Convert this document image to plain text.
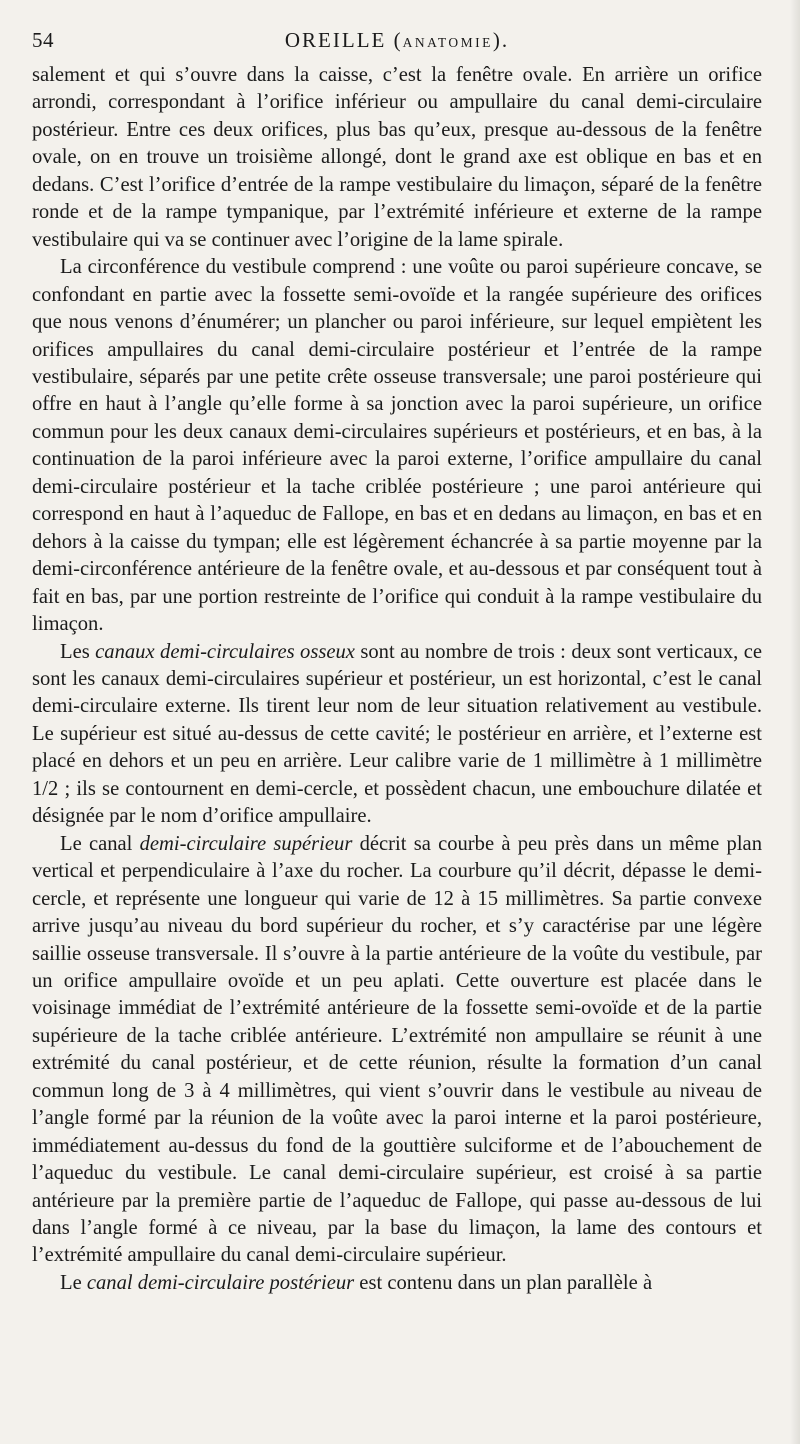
54	OREILLE (ANATOMIE).

salement et qui s’ouvre dans la caisse, c’est la fenêtre ovale. En arrière un orifice arrondi, correspondant à l’orifice inférieur ou ampullaire du canal demi-circulaire postérieur. Entre ces deux orifices, plus bas qu’eux, presque au-dessous de la fenêtre ovale, on en trouve un troisième allongé, dont le grand axe est oblique en bas et en dedans. C’est l’orifice d’entrée de la rampe vestibulaire du limaçon, séparé de la fenêtre ronde et de la rampe tympanique, par l’extrémité inférieure et externe de la rampe vestibulaire qui va se continuer avec l’origine de la lame spirale.

La circonférence du vestibule comprend : une voûte ou paroi supérieure concave, se confondant en partie avec la fossette semi-ovoïde et la rangée supérieure des orifices que nous venons d’énumérer; un plancher ou paroi inférieure, sur lequel empiètent les orifices ampullaires du canal demi-circulaire postérieur et l’entrée de la rampe vestibulaire, séparés par une petite crête osseuse transversale; une paroi postérieure qui offre en haut à l’angle qu’elle forme à sa jonction avec la paroi supérieure, un orifice commun pour les deux canaux demi-circulaires supérieurs et postérieurs, et en bas, à la continuation de la paroi inférieure avec la paroi externe, l’orifice ampullaire du canal demi-circulaire postérieur et la tache criblée postérieure ; une paroi antérieure qui correspond en haut à l’aqueduc de Fallope, en bas et en dedans au limaçon, en bas et en dehors à la caisse du tympan; elle est légèrement échancrée à sa partie moyenne par la demi-circonférence antérieure de la fenêtre ovale, et au-dessous et par conséquent tout à fait en bas, par une portion restreinte de l’orifice qui conduit à la rampe vestibulaire du limaçon.

Les canaux demi-circulaires osseux sont au nombre de trois : deux sont verticaux, ce sont les canaux demi-circulaires supérieur et postérieur, un est horizontal, c’est le canal demi-circulaire externe. Ils tirent leur nom de leur situation relativement au vestibule. Le supérieur est situé au-dessus de cette cavité; le postérieur en arrière, et l’externe est placé en dehors et un peu en arrière. Leur calibre varie de 1 millimètre à 1 millimètre 1/2 ; ils se contournent en demi-cercle, et possèdent chacun, une embouchure dilatée et désignée par le nom d’orifice ampullaire.

Le canal demi-circulaire supérieur décrit sa courbe à peu près dans un même plan vertical et perpendiculaire à l’axe du rocher. La courbure qu’il décrit, dépasse le demi-cercle, et représente une longueur qui varie de 12 à 15 millimètres. Sa partie convexe arrive jusqu’au niveau du bord supérieur du rocher, et s’y caractérise par une légère saillie osseuse transversale. Il s’ouvre à la partie antérieure de la voûte du vestibule, par un orifice ampullaire ovoïde et un peu aplati. Cette ouverture est placée dans le voisinage immédiat de l’extrémité antérieure de la fossette semi-ovoïde et de la partie supérieure de la tache criblée antérieure. L’extrémité non ampullaire se réunit à une extrémité du canal postérieur, et de cette réunion, résulte la formation d’un canal commun long de 3 à 4 millimètres, qui vient s’ouvrir dans le vestibule au niveau de l’angle formé par la réunion de la voûte avec la paroi interne et la paroi postérieure, immédiatement au-dessus du fond de la gouttière sulciforme et de l’abouchement de l’aqueduc du vestibule. Le canal demi-circulaire supérieur, est croisé à sa partie antérieure par la première partie de l’aqueduc de Fallope, qui passe au-dessous de lui dans l’angle formé à ce niveau, par la base du limaçon, la lame des contours et l’extrémité ampullaire du canal demi-circulaire supérieur.

Le canal demi-circulaire postérieur est contenu dans un plan parallèle à
